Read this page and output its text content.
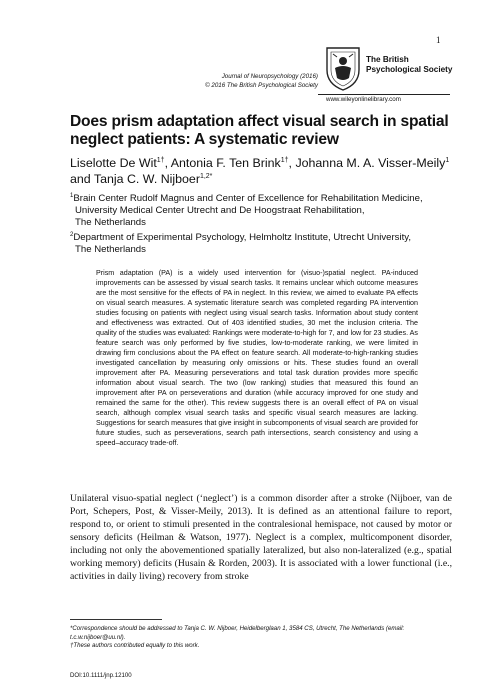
1
Journal of Neuropsychology (2016)
© 2016 The British Psychological Society
The British
Psychological Society
www.wileyonlinelibrary.com
Does prism adaptation affect visual search in spatial neglect patients: A systematic review
Liselotte De Wit$^{1\dagger}$, Antonia F. Ten Brink$^{1\dagger}$, Johanna M. A. Visser-Meily$^1$ and Tanja C. W. Nijboer$^{1,2*}$
$^1$Brain Center Rudolf Magnus and Center of Excellence for Rehabilitation Medicine,
University Medical Center Utrecht and De Hoogstraat Rehabilitation,
The Netherlands
$^2$Department of Experimental Psychology, Helmholtz Institute, Utrecht University,
The Netherlands
Prism adaptation (PA) is a widely used intervention for (visuo-)spatial neglect. PA-induced improvements can be assessed by visual search tasks. It remains unclear which outcome measures are the most sensitive for the effects of PA in neglect. In this review, we aimed to evaluate PA effects on visual search measures. A systematic literature search was completed regarding PA intervention studies focusing on patients with neglect using visual search tasks. Information about study content and effectiveness was extracted. Out of 403 identified studies, 30 met the inclusion criteria. The quality of the studies was evaluated: Rankings were moderate-to-high for 7, and low for 23 studies. As feature search was only performed by five studies, low-to-moderate ranking, we were limited in drawing firm conclusions about the PA effect on feature search. All moderate-to-high-ranking studies investigated cancellation by measuring only omissions or hits. These studies found an overall improvement after PA. Measuring perseverations and total task duration provides more specific information about visual search. The two (low ranking) studies that measured this found an improvement after PA on perseverations and duration (while accuracy improved for one study and remained the same for the other). This review suggests there is an overall effect of PA on visual search, although complex visual search tasks and specific visual search measures are lacking. Suggestions for search measures that give insight in subcomponents of visual search are provided for future studies, such as perseverations, search path intersections, search consistency and using a speed–accuracy trade-off.
Unilateral visuo-spatial neglect (‘neglect’) is a common disorder after a stroke (Nijboer, van de Port, Schepers, Post, & Visser-Meily, 2013). It is defined as an attentional failure to report, respond to, or orient to stimuli presented in the contralesional hemispace, not caused by motor or sensory deficits (Heilman & Watson, 1977). Neglect is a complex, multicomponent disorder, including not only the abovementioned spatially lateralized, but also non-lateralized (e.g., spatial working memory) deficits (Husain & Rorden, 2003). It is associated with a lower functional (i.e., activities in daily living) recovery from stroke
*Correspondence should be addressed to Tanja C. W. Nijboer, Heidelberglaan 1, 3584 CS, Utrecht, The Netherlands (email: t.c.w.nijboer@uu.nl).
†These authors contributed equally to this work.
DOI:10.1111/jnp.12100
